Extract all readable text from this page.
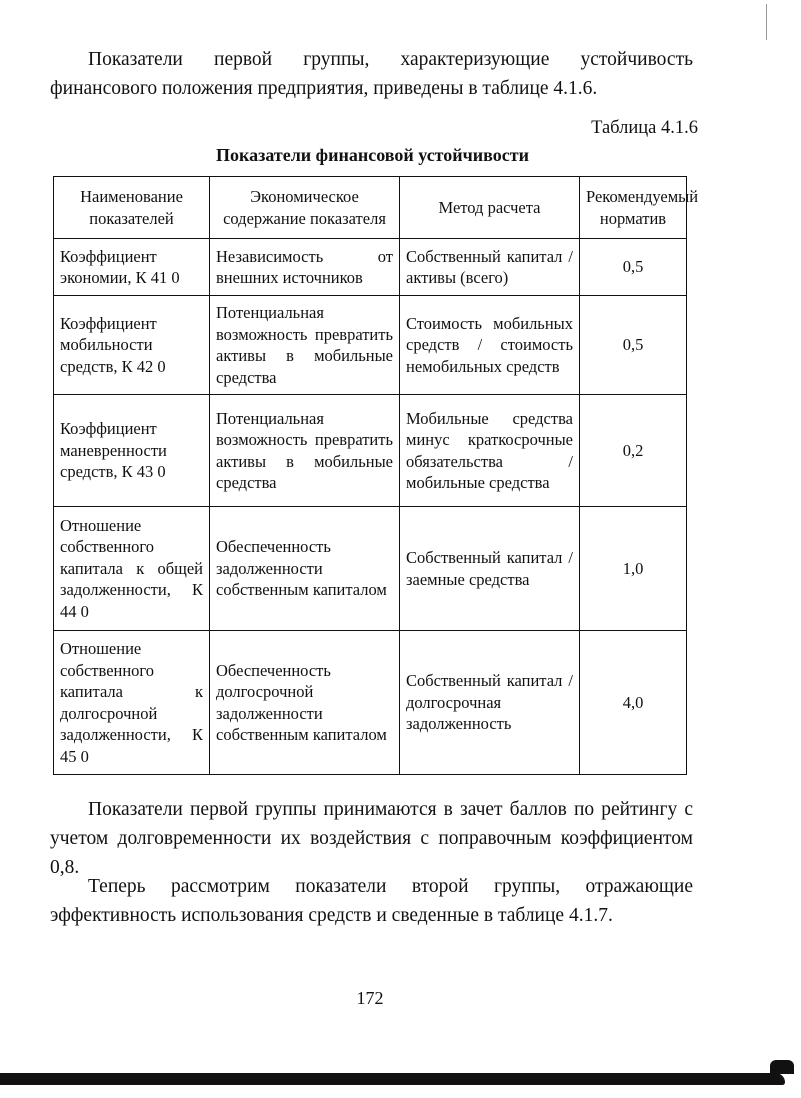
Показатели первой группы, характеризующие устойчивость финансового положения предприятия, приведены в таблице 4.1.6.

Таблица 4.1.6
Показатели финансовой устойчивости
Наименование показателей	Экономическое содержание показателя	Метод расчета	Рекомендуемый норматив
Коэффициент экономии, К 41 0	Независимость от внешних источников	Собственный капитал / активы (всего)	0,5
Коэффициент мобильности средств, К 42 0	Потенциальная возможность превратить активы в мобильные средства	Стоимость мобильных средств / стоимость немобильных средств	0,5
Коэффициент маневренности средств, К 43 0	Потенциальная возможность превратить активы в мобильные средства	Мобильные средства минус краткосрочные обязательства / мобильные средства	0,2
Отношение собственного капитала к общей задолженности, К 44 0	Обеспеченность задолженности собственным капиталом	Собственный капитал / заемные средства	1,0
Отношение собственного капитала к долгосрочной задолженности, К 45 0	Обеспеченность долгосрочной задолженности собственным капиталом	Собственный капитал / долгосрочная задолженность	4,0

Показатели первой группы принимаются в зачет баллов по рейтингу с учетом долговременности их воздействия с поправочным коэффициентом 0,8.

Теперь рассмотрим показатели второй группы, отражающие эффективность использования средств и сведенные в таблице 4.1.7.

172
